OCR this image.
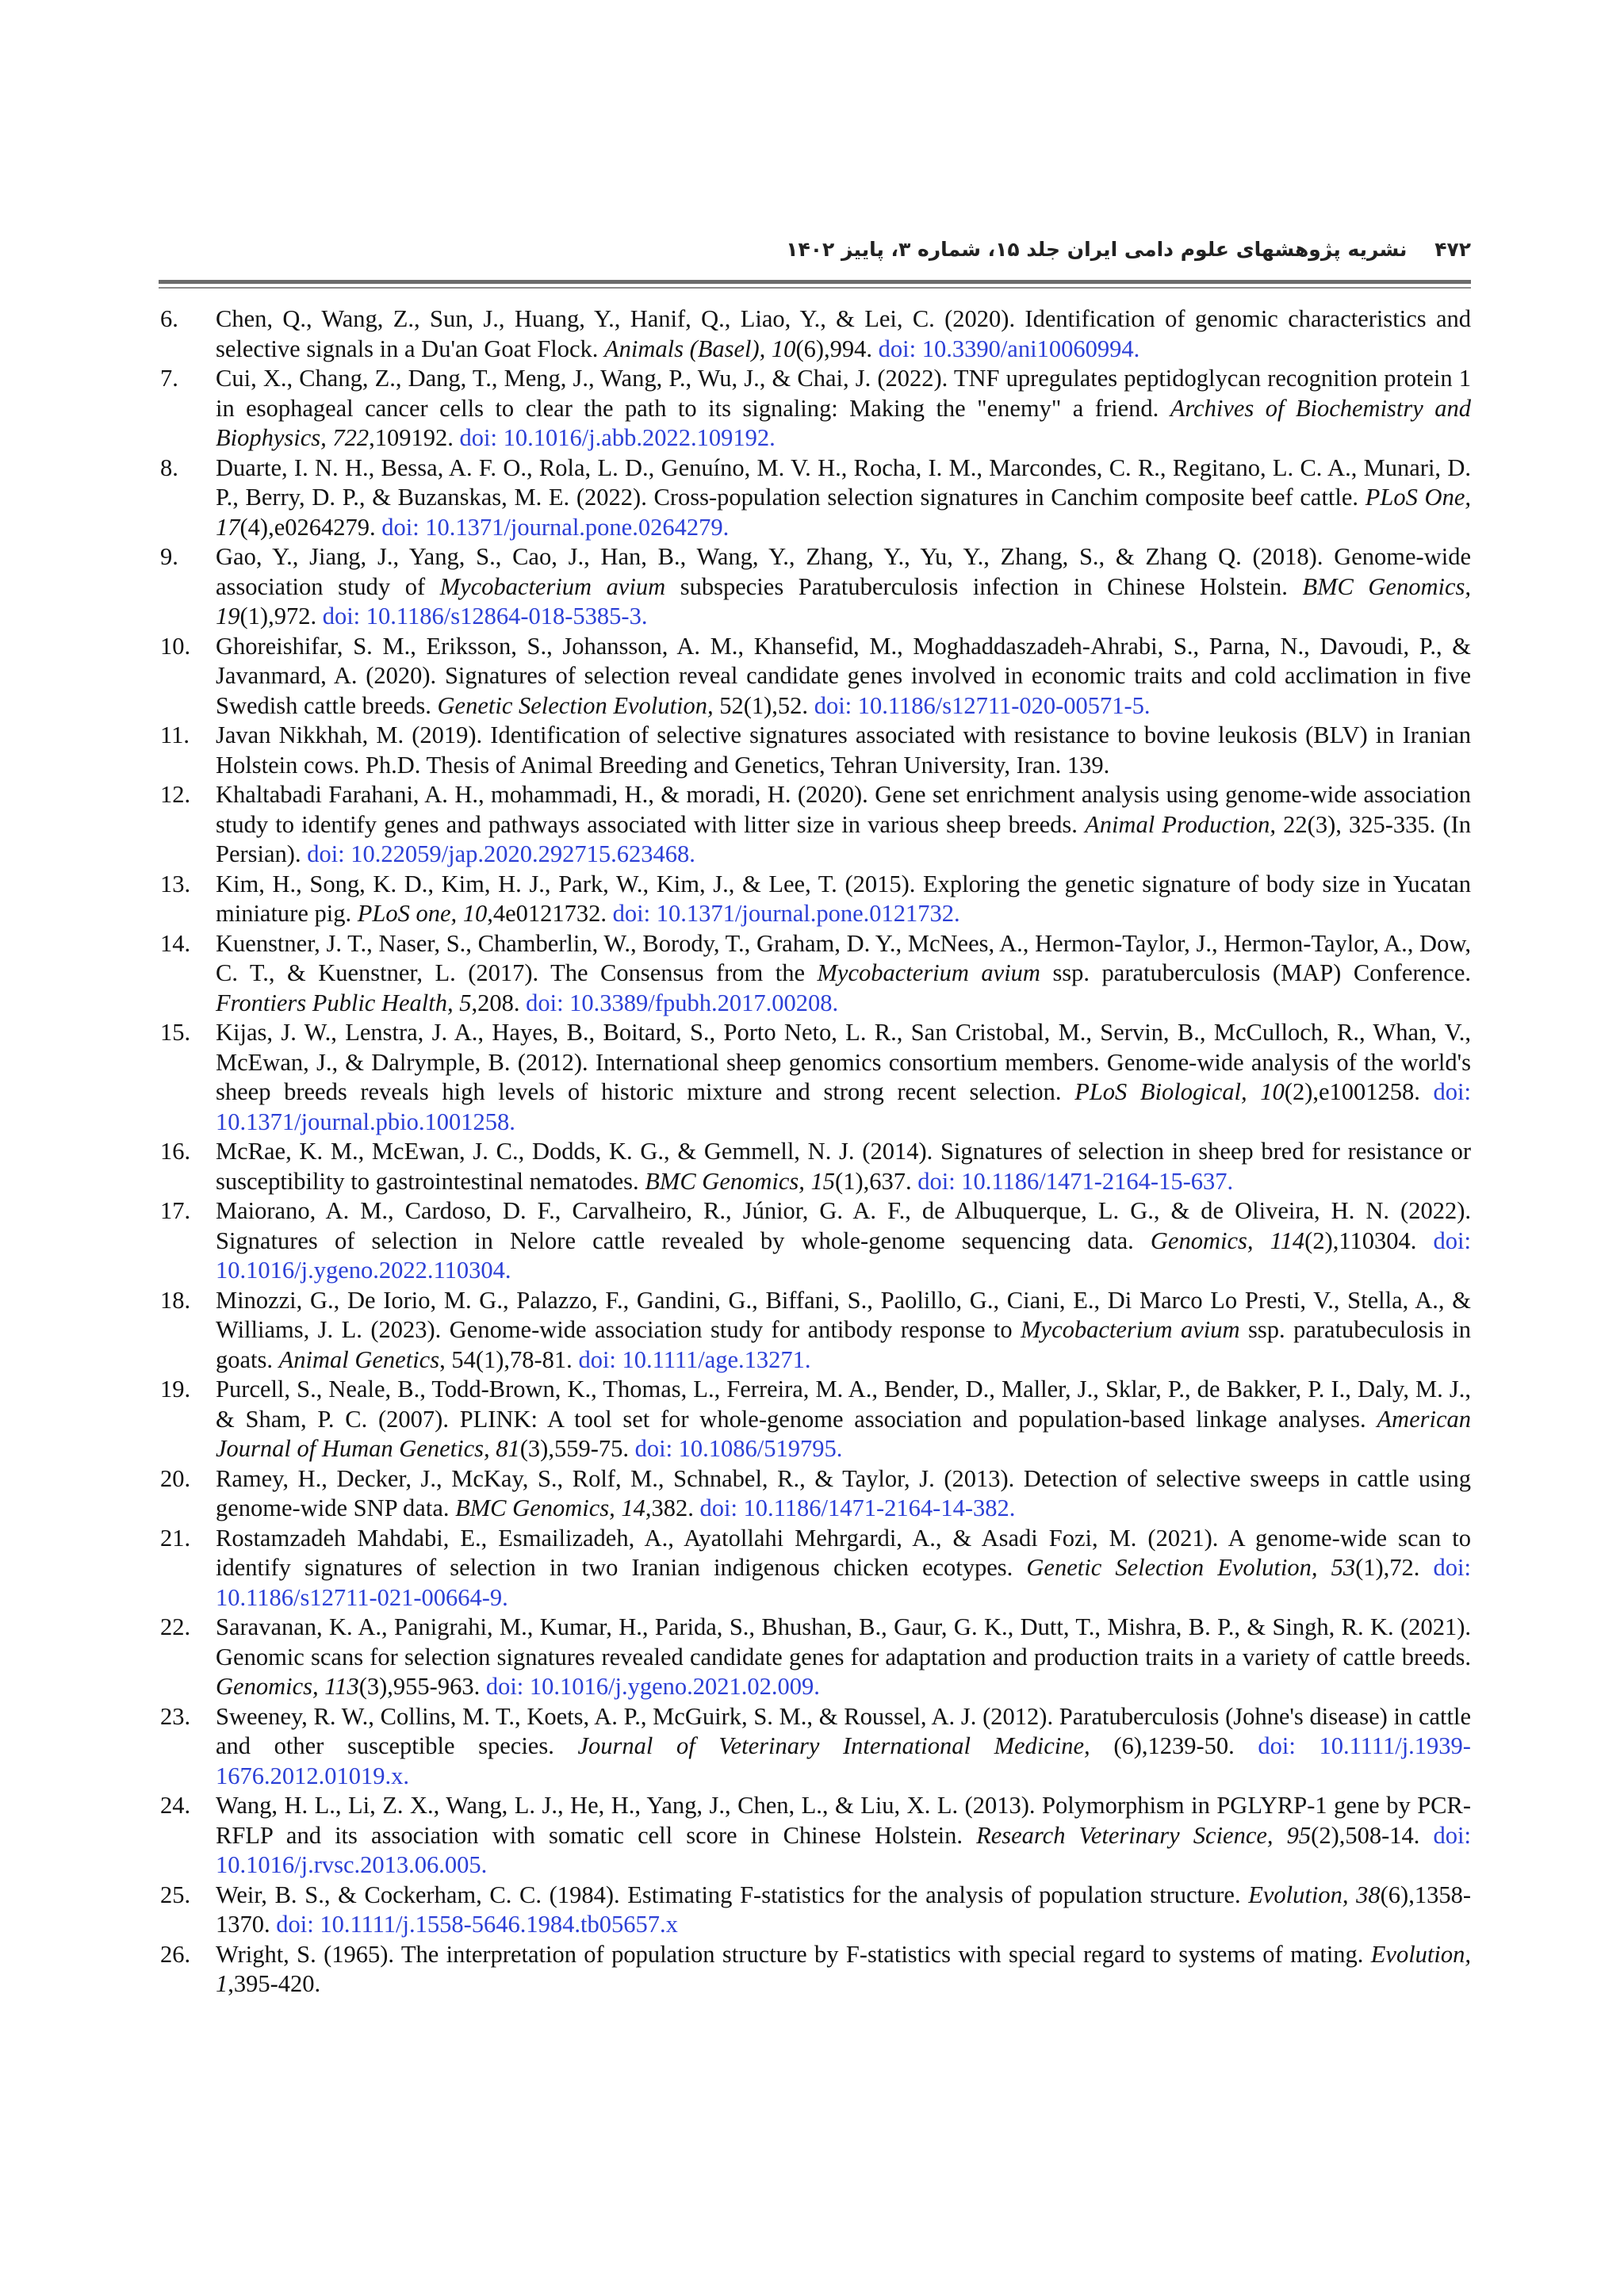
۴۷۲    نشریه پژوهشهای علوم دامی ایران جلد ۱۵، شماره ۳، پاییز ۱۴۰۲
6. Chen, Q., Wang, Z., Sun, J., Huang, Y., Hanif, Q., Liao, Y., & Lei, C. (2020). Identification of genomic characteristics and selective signals in a Du'an Goat Flock. Animals (Basel), 10(6),994. doi: 10.3390/ani10060994.
7. Cui, X., Chang, Z., Dang, T., Meng, J., Wang, P., Wu, J., & Chai, J. (2022). TNF upregulates peptidoglycan recognition protein 1 in esophageal cancer cells to clear the path to its signaling: Making the "enemy" a friend. Archives of Biochemistry and Biophysics, 722,109192. doi: 10.1016/j.abb.2022.109192.
8. Duarte, I. N. H., Bessa, A. F. O., Rola, L. D., Genuíno, M. V. H., Rocha, I. M., Marcondes, C. R., Regitano, L. C. A., Munari, D. P., Berry, D. P., & Buzanskas, M. E. (2022). Cross-population selection signatures in Canchim composite beef cattle. PLoS One, 17(4),e0264279. doi: 10.1371/journal.pone.0264279.
9. Gao, Y., Jiang, J., Yang, S., Cao, J., Han, B., Wang, Y., Zhang, Y., Yu, Y., Zhang, S., & Zhang Q. (2018). Genome-wide association study of Mycobacterium avium subspecies Paratuberculosis infection in Chinese Holstein. BMC Genomics, 19(1),972. doi: 10.1186/s12864-018-5385-3.
10. Ghoreishifar, S. M., Eriksson, S., Johansson, A. M., Khansefid, M., Moghaddaszadeh-Ahrabi, S., Parna, N., Davoudi, P., & Javanmard, A. (2020). Signatures of selection reveal candidate genes involved in economic traits and cold acclimation in five Swedish cattle breeds. Genetic Selection Evolution, 52(1),52. doi: 10.1186/s12711-020-00571-5.
11. Javan Nikkhah, M. (2019). Identification of selective signatures associated with resistance to bovine leukosis (BLV) in Iranian Holstein cows. Ph.D. Thesis of Animal Breeding and Genetics, Tehran University, Iran. 139.
12. Khaltabadi Farahani, A. H., mohammadi, H., & moradi, H. (2020). Gene set enrichment analysis using genome-wide association study to identify genes and pathways associated with litter size in various sheep breeds. Animal Production, 22(3), 325-335. (In Persian). doi: 10.22059/jap.2020.292715.623468.
13. Kim, H., Song, K. D., Kim, H. J., Park, W., Kim, J., & Lee, T. (2015). Exploring the genetic signature of body size in Yucatan miniature pig. PLoS one, 10,4e0121732. doi: 10.1371/journal.pone.0121732.
14. Kuenstner, J. T., Naser, S., Chamberlin, W., Borody, T., Graham, D. Y., McNees, A., Hermon-Taylor, J., Hermon-Taylor, A., Dow, C. T., & Kuenstner, L. (2017). The Consensus from the Mycobacterium avium ssp. paratuberculosis (MAP) Conference. Frontiers Public Health, 5,208. doi: 10.3389/fpubh.2017.00208.
15. Kijas, J. W., Lenstra, J. A., Hayes, B., Boitard, S., Porto Neto, L. R., San Cristobal, M., Servin, B., McCulloch, R., Whan, V., McEwan, J., & Dalrymple, B. (2012). International sheep genomics consortium members. Genome-wide analysis of the world's sheep breeds reveals high levels of historic mixture and strong recent selection. PLoS Biological, 10(2),e1001258. doi: 10.1371/journal.pbio.1001258.
16. McRae, K. M., McEwan, J. C., Dodds, K. G., & Gemmell, N. J. (2014). Signatures of selection in sheep bred for resistance or susceptibility to gastrointestinal nematodes. BMC Genomics, 15(1),637. doi: 10.1186/1471-2164-15-637.
17. Maiorano, A. M., Cardoso, D. F., Carvalheiro, R., Júnior, G. A. F., de Albuquerque, L. G., & de Oliveira, H. N. (2022). Signatures of selection in Nelore cattle revealed by whole-genome sequencing data. Genomics, 114(2),110304. doi: 10.1016/j.ygeno.2022.110304.
18. Minozzi, G., De Iorio, M. G., Palazzo, F., Gandini, G., Biffani, S., Paolillo, G., Ciani, E., Di Marco Lo Presti, V., Stella, A., & Williams, J. L. (2023). Genome-wide association study for antibody response to Mycobacterium avium ssp. paratubeculosis in goats. Animal Genetics, 54(1),78-81. doi: 10.1111/age.13271.
19. Purcell, S., Neale, B., Todd-Brown, K., Thomas, L., Ferreira, M. A., Bender, D., Maller, J., Sklar, P., de Bakker, P. I., Daly, M. J., & Sham, P. C. (2007). PLINK: A tool set for whole-genome association and population-based linkage analyses. American Journal of Human Genetics, 81(3),559-75. doi: 10.1086/519795.
20. Ramey, H., Decker, J., McKay, S., Rolf, M., Schnabel, R., & Taylor, J. (2013). Detection of selective sweeps in cattle using genome-wide SNP data. BMC Genomics, 14,382. doi: 10.1186/1471-2164-14-382.
21. Rostamzadeh Mahdabi, E., Esmailizadeh, A., Ayatollahi Mehrgardi, A., & Asadi Fozi, M. (2021). A genome-wide scan to identify signatures of selection in two Iranian indigenous chicken ecotypes. Genetic Selection Evolution, 53(1),72. doi: 10.1186/s12711-021-00664-9.
22. Saravanan, K. A., Panigrahi, M., Kumar, H., Parida, S., Bhushan, B., Gaur, G. K., Dutt, T., Mishra, B. P., & Singh, R. K. (2021). Genomic scans for selection signatures revealed candidate genes for adaptation and production traits in a variety of cattle breeds. Genomics, 113(3),955-963. doi: 10.1016/j.ygeno.2021.02.009.
23. Sweeney, R. W., Collins, M. T., Koets, A. P., McGuirk, S. M., & Roussel, A. J. (2012). Paratuberculosis (Johne's disease) in cattle and other susceptible species. Journal of Veterinary International Medicine, (6),1239-50. doi: 10.1111/j.1939-1676.2012.01019.x.
24. Wang, H. L., Li, Z. X., Wang, L. J., He, H., Yang, J., Chen, L., & Liu, X. L. (2013). Polymorphism in PGLYRP-1 gene by PCR-RFLP and its association with somatic cell score in Chinese Holstein. Research Veterinary Science, 95(2),508-14. doi: 10.1016/j.rvsc.2013.06.005.
25. Weir, B. S., & Cockerham, C. C. (1984). Estimating F-statistics for the analysis of population structure. Evolution, 38(6),1358-1370. doi: 10.1111/j.1558-5646.1984.tb05657.x
26. Wright, S. (1965). The interpretation of population structure by F-statistics with special regard to systems of mating. Evolution, 1,395-420.
